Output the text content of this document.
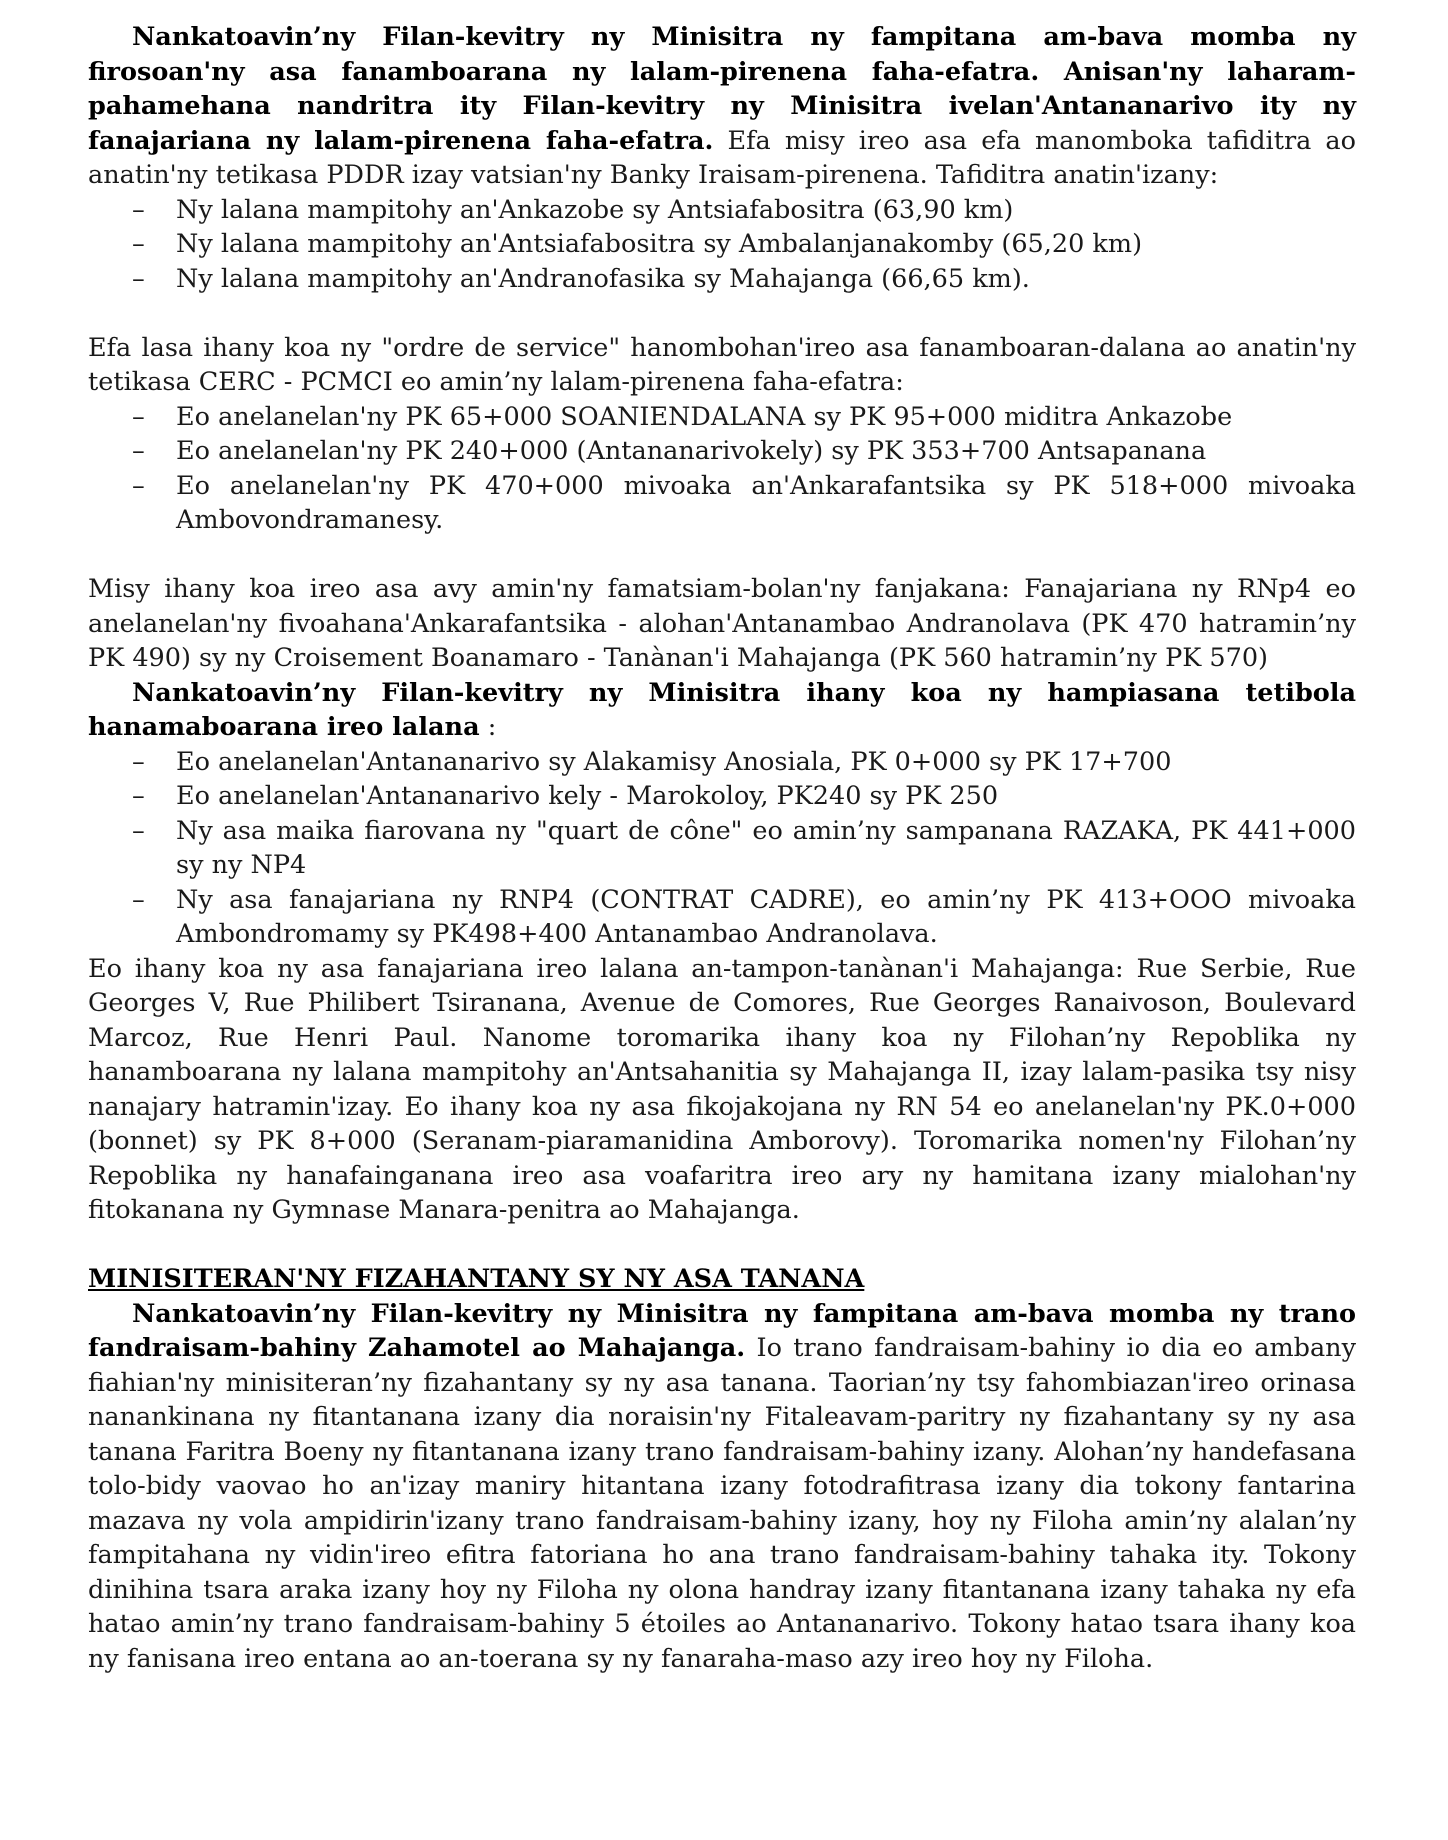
Nankatoavin’ny Filan-kevitry ny Minisitra ny fampitana am-bava momba ny firosoan'ny asa fanamboarana ny lalam-pirenena faha-efatra. Anisan'ny laharam-pahamehana nandritra ity Filan-kevitry ny Minisitra ivelan'Antananarivo ity ny fanajariana ny lalam-pirenena faha-efatra. Efa misy ireo asa efa manomboka tafiditra ao anatin'ny tetikasa PDDR izay vatsian'ny Banky Iraisam-pirenena. Tafiditra anatin'izany:

– Ny lalana mampitohy an'Ankazobe sy Antsiafabositra (63,90 km)
– Ny lalana mampitohy an'Antsiafabositra sy Ambalanjanakomby (65,20 km)
– Ny lalana mampitohy an'Andranofasika sy Mahajanga (66,65 km).

Efa lasa ihany koa ny "ordre de service" hanombohan'ireo asa fanamboaran-dalana ao anatin'ny tetikasa CERC - PCMCI eo amin’ny lalam-pirenena faha-efatra:

– Eo anelanelan'ny PK 65+000 SOANIENDALANA sy PK 95+000 miditra Ankazobe
– Eo anelanelan'ny PK 240+000 (Antananarivokely) sy PK 353+700 Antsapanana
– Eo anelanelan'ny PK 470+000 mivoaka an'Ankarafantsika sy PK 518+000 mivoaka Ambovondramanesy.

Misy ihany koa ireo asa avy amin'ny famatsiam-bolan'ny fanjakana: Fanajariana ny RNp4 eo anelanelan'ny fivoahana'Ankarafantsika - alohan'Antanambao Andranolava (PK 470 hatramin’ny PK 490) sy ny Croisement Boanamaro - Tanànan'i Mahajanga (PK 560 hatramin’ny PK 570)

Nankatoavin’ny Filan-kevitry ny Minisitra ihany koa ny hampiasana tetibola hanamaboarana ireo lalana :

– Eo anelanelan'Antananarivo sy Alakamisy Anosiala, PK 0+000 sy PK 17+700
– Eo anelanelan'Antananarivo kely - Marokoloy, PK240 sy PK 250
– Ny asa maika fiarovana ny "quart de cône" eo amin’ny sampanana RAZAKA, PK 441+000 sy ny NP4
– Ny asa fanajariana ny RNP4 (CONTRAT CADRE), eo amin’ny PK 413+OOO mivoaka Ambondromamy sy PK498+400 Antanambao Andranolava.

Eo ihany koa ny asa fanajariana ireo lalana an-tampon-tanànan'i Mahajanga: Rue Serbie, Rue Georges V, Rue Philibert Tsiranana, Avenue de Comores, Rue Georges Ranaivoson, Boulevard Marcoz, Rue Henri Paul. Nanome toromarika ihany koa ny Filohan’ny Repoblika ny hanamboarana ny lalana mampitohy an'Antsahanitia sy Mahajanga II, izay lalam-pasika tsy nisy nanajary hatramin'izay. Eo ihany koa ny asa fikojakojana ny RN 54 eo anelanelan'ny PK.0+000 (bonnet) sy PK 8+000 (Seranam-piaramanidina Amborovy). Toromarika nomen'ny Filohan’ny Repoblika ny hanafainganana ireo asa voafaritra ireo ary ny hamitana izany mialohan'ny fitokanana ny Gymnase Manara-penitra ao Mahajanga.

MINISITERAN'NY FIZAHANTANY SY NY ASA TANANA

Nankatoavin’ny Filan-kevitry ny Minisitra ny fampitana am-bava momba ny trano fandraisam-bahiny Zahamotel ao Mahajanga. Io trano fandraisam-bahiny io dia eo ambany fiahian'ny minisiteran’ny fizahantany sy ny asa tanana. Taorian’ny tsy fahombiazan'ireo orinasa nanankinana ny fitantanana izany dia noraisin'ny Fitaleavam-paritry ny fizahantany sy ny asa tanana Faritra Boeny ny fitantanana izany trano fandraisam-bahiny izany. Alohan’ny handefasana tolo-bidy vaovao ho an'izay maniry hitantana izany fotodrafitrasa izany dia tokony fantarina mazava ny vola ampidirin'izany trano fandraisam-bahiny izany, hoy ny Filoha amin’ny alalan’ny fampitahana ny vidin'ireo efitra fatoriana ho ana trano fandraisam-bahiny tahaka ity. Tokony dinihina tsara araka izany hoy ny Filoha ny olona handray izany fitantanana izany tahaka ny efa hatao amin’ny trano fandraisam-bahiny 5 étoiles ao Antananarivo. Tokony hatao tsara ihany koa ny fanisana ireo entana ao an-toerana sy ny fanaraha-maso azy ireo hoy ny Filoha.
